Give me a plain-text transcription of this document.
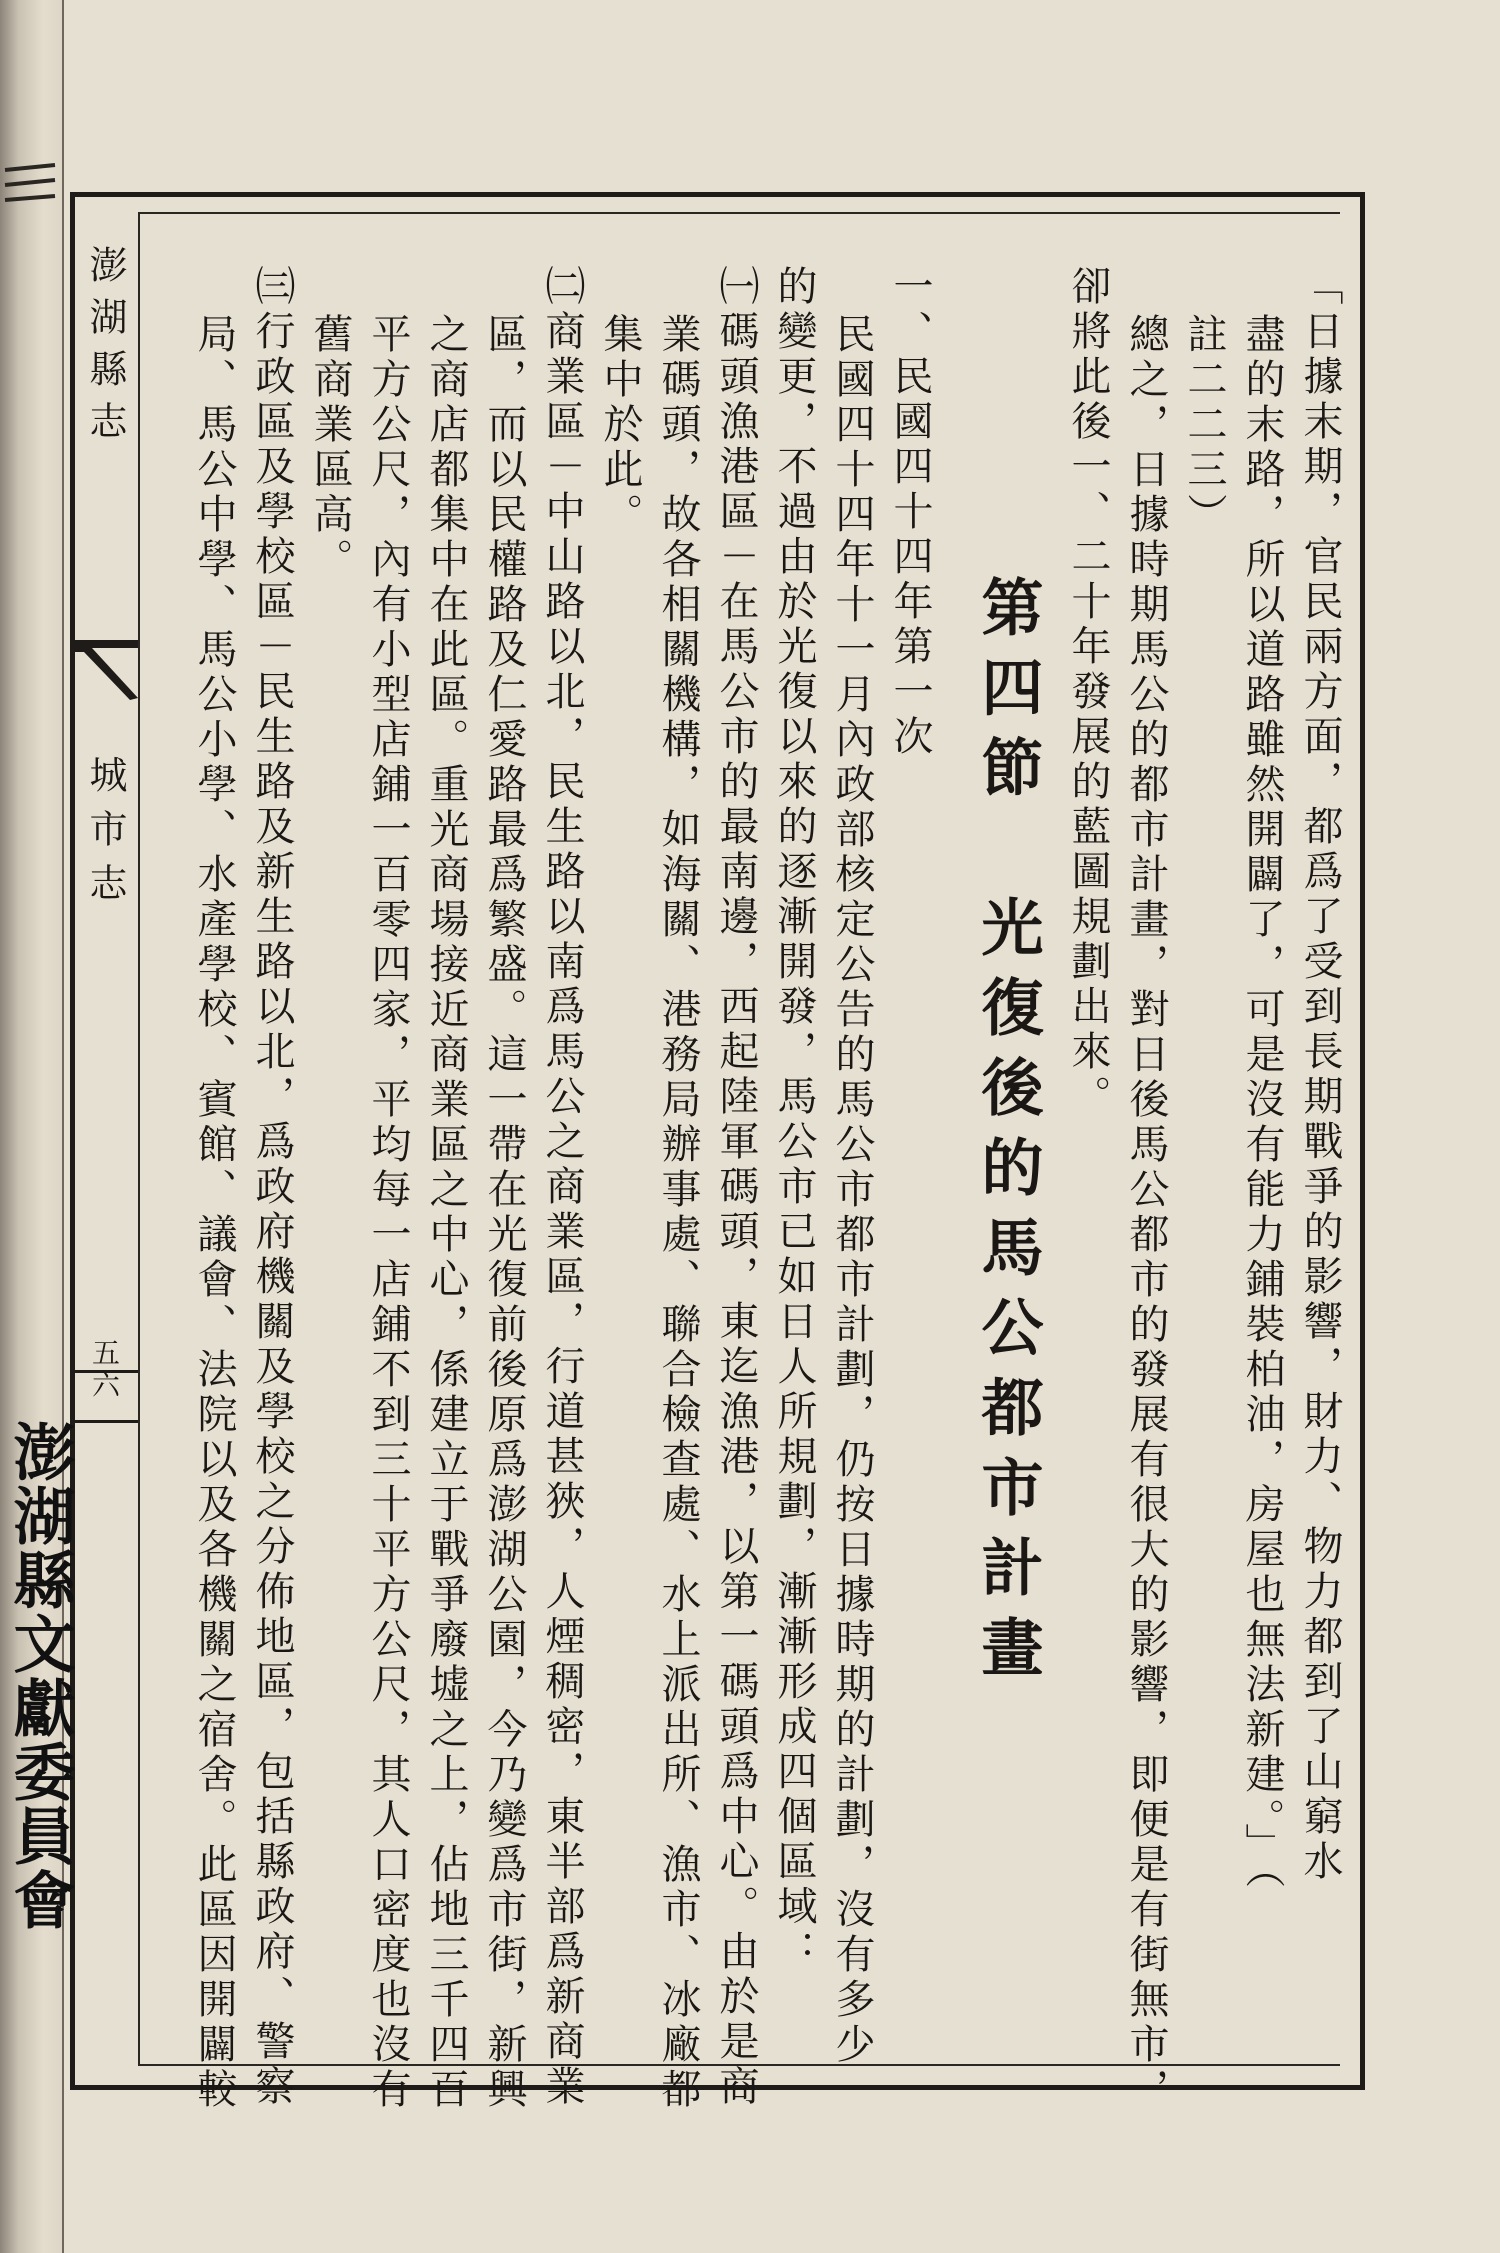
澎湖縣志
城市志
五六
澎湖縣文獻委員會	「日據末期，官民兩方面，都爲了受到長期戰爭的影響，財力、物力都到了山窮水
盡的末路，所以道路雖然開闢了，可是沒有能力鋪裝柏油，房屋也無法新建。」（
註二二三）
總之，日據時期馬公的都市計畫，對日後馬公都市的發展有很大的影響，即便是有街無市，
卻將此後一、二十年發展的藍圖規劃出來。
第四節　光復後的馬公都市計畫
一、民國四十四年第一次
民國四十四年十一月內政部核定公告的馬公市都市計劃，仍按日據時期的計劃，沒有多少
的變更，不過由於光復以來的逐漸開發，馬公市已如日人所規劃，漸漸形成四個區域：
㈠碼頭漁港區－在馬公市的最南邊，西起陸軍碼頭，東迄漁港，以第一碼頭爲中心。由於是商
業碼頭，故各相關機構，如海關、港務局辦事處、聯合檢查處、水上派出所、漁市、冰廠都
集中於此。
㈡商業區－中山路以北，民生路以南爲馬公之商業區，行道甚狹，人煙稠密，東半部爲新商業
區，而以民權路及仁愛路最爲繁盛。這一帶在光復前後原爲澎湖公園，今乃變爲市街，新興
之商店都集中在此區。重光商場接近商業區之中心，係建立于戰爭廢墟之上，佔地三千四百
平方公尺，內有小型店鋪一百零四家，平均每一店鋪不到三十平方公尺，其人口密度也沒有
舊商業區高。
㈢行政區及學校區－民生路及新生路以北，爲政府機關及學校之分佈地區，包括縣政府、警察
局、馬公中學、馬公小學、水產學校、賓館、議會、法院以及各機關之宿舍。此區因開闢較
